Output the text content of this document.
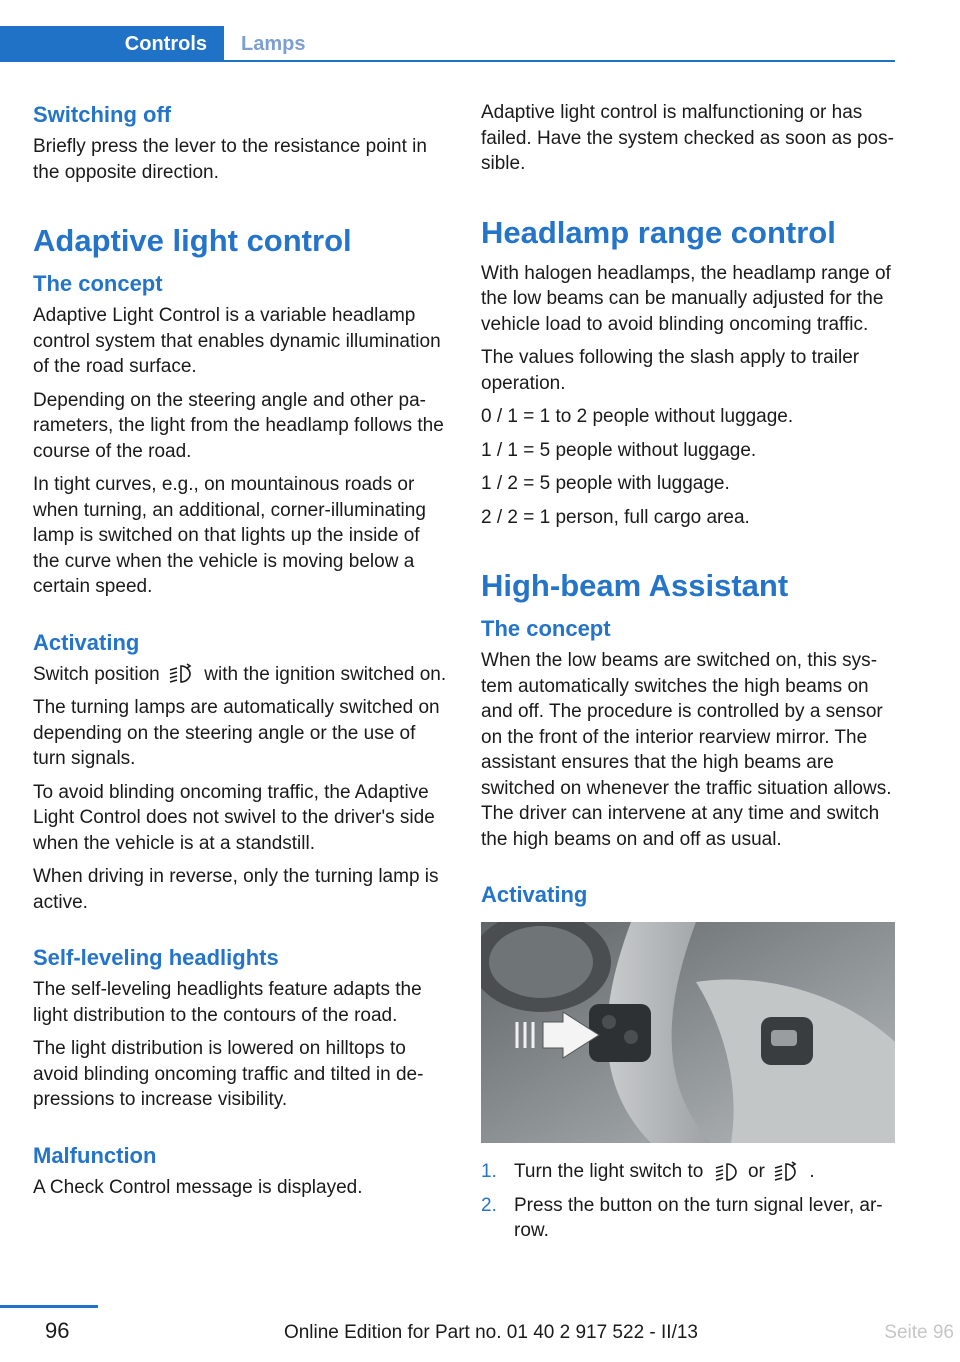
Controls	Lamps
Switching off

Briefly press the lever to the resistance point in the opposite direction.

Adaptive light control
The concept

Adaptive Light Control is a variable headlamp control system that enables dynamic illumination of the road surface.

Depending on the steering angle and other parameters, the light from the headlamp follows the course of the road.

In tight curves, e.g., on mountainous roads or when turning, an additional, corner-illuminating lamp is switched on that lights up the inside of the curve when the vehicle is moving below a certain speed.

Activating

Switch position with the ignition switched on.

The turning lamps are automatically switched on depending on the steering angle or the use of turn signals.

To avoid blinding oncoming traffic, the Adaptive Light Control does not swivel to the driver's side when the vehicle is at a standstill.

When driving in reverse, only the turning lamp is active.

Self-leveling headlights

The self-leveling headlights feature adapts the light distribution to the contours of the road.

The light distribution is lowered on hilltops to avoid blinding oncoming traffic and tilted in depressions to increase visibility.

Malfunction

A Check Control message is displayed.

Adaptive light control is malfunctioning or has failed. Have the system checked as soon as possible.

Headlamp range control

With halogen headlamps, the headlamp range of the low beams can be manually adjusted for the vehicle load to avoid blinding oncoming traffic.

The values following the slash apply to trailer operation.

0 / 1 = 1 to 2 people without luggage.

1 / 1 = 5 people without luggage.

1 / 2 = 5 people with luggage.

2 / 2 = 1 person, full cargo area.

High-beam Assistant
The concept

When the low beams are switched on, this system automatically switches the high beams on and off. The procedure is controlled by a sensor on the front of the interior rearview mirror. The assistant ensures that the high beams are switched on whenever the traffic situation allows. The driver can intervene at any time and switch the high beams on and off as usual.

Activating
1. Turn the light switch to or .
2. Press the button on the turn signal lever, arrow.
96	Online Edition for Part no. 01 40 2 917 522 - II/13	Seite 96
